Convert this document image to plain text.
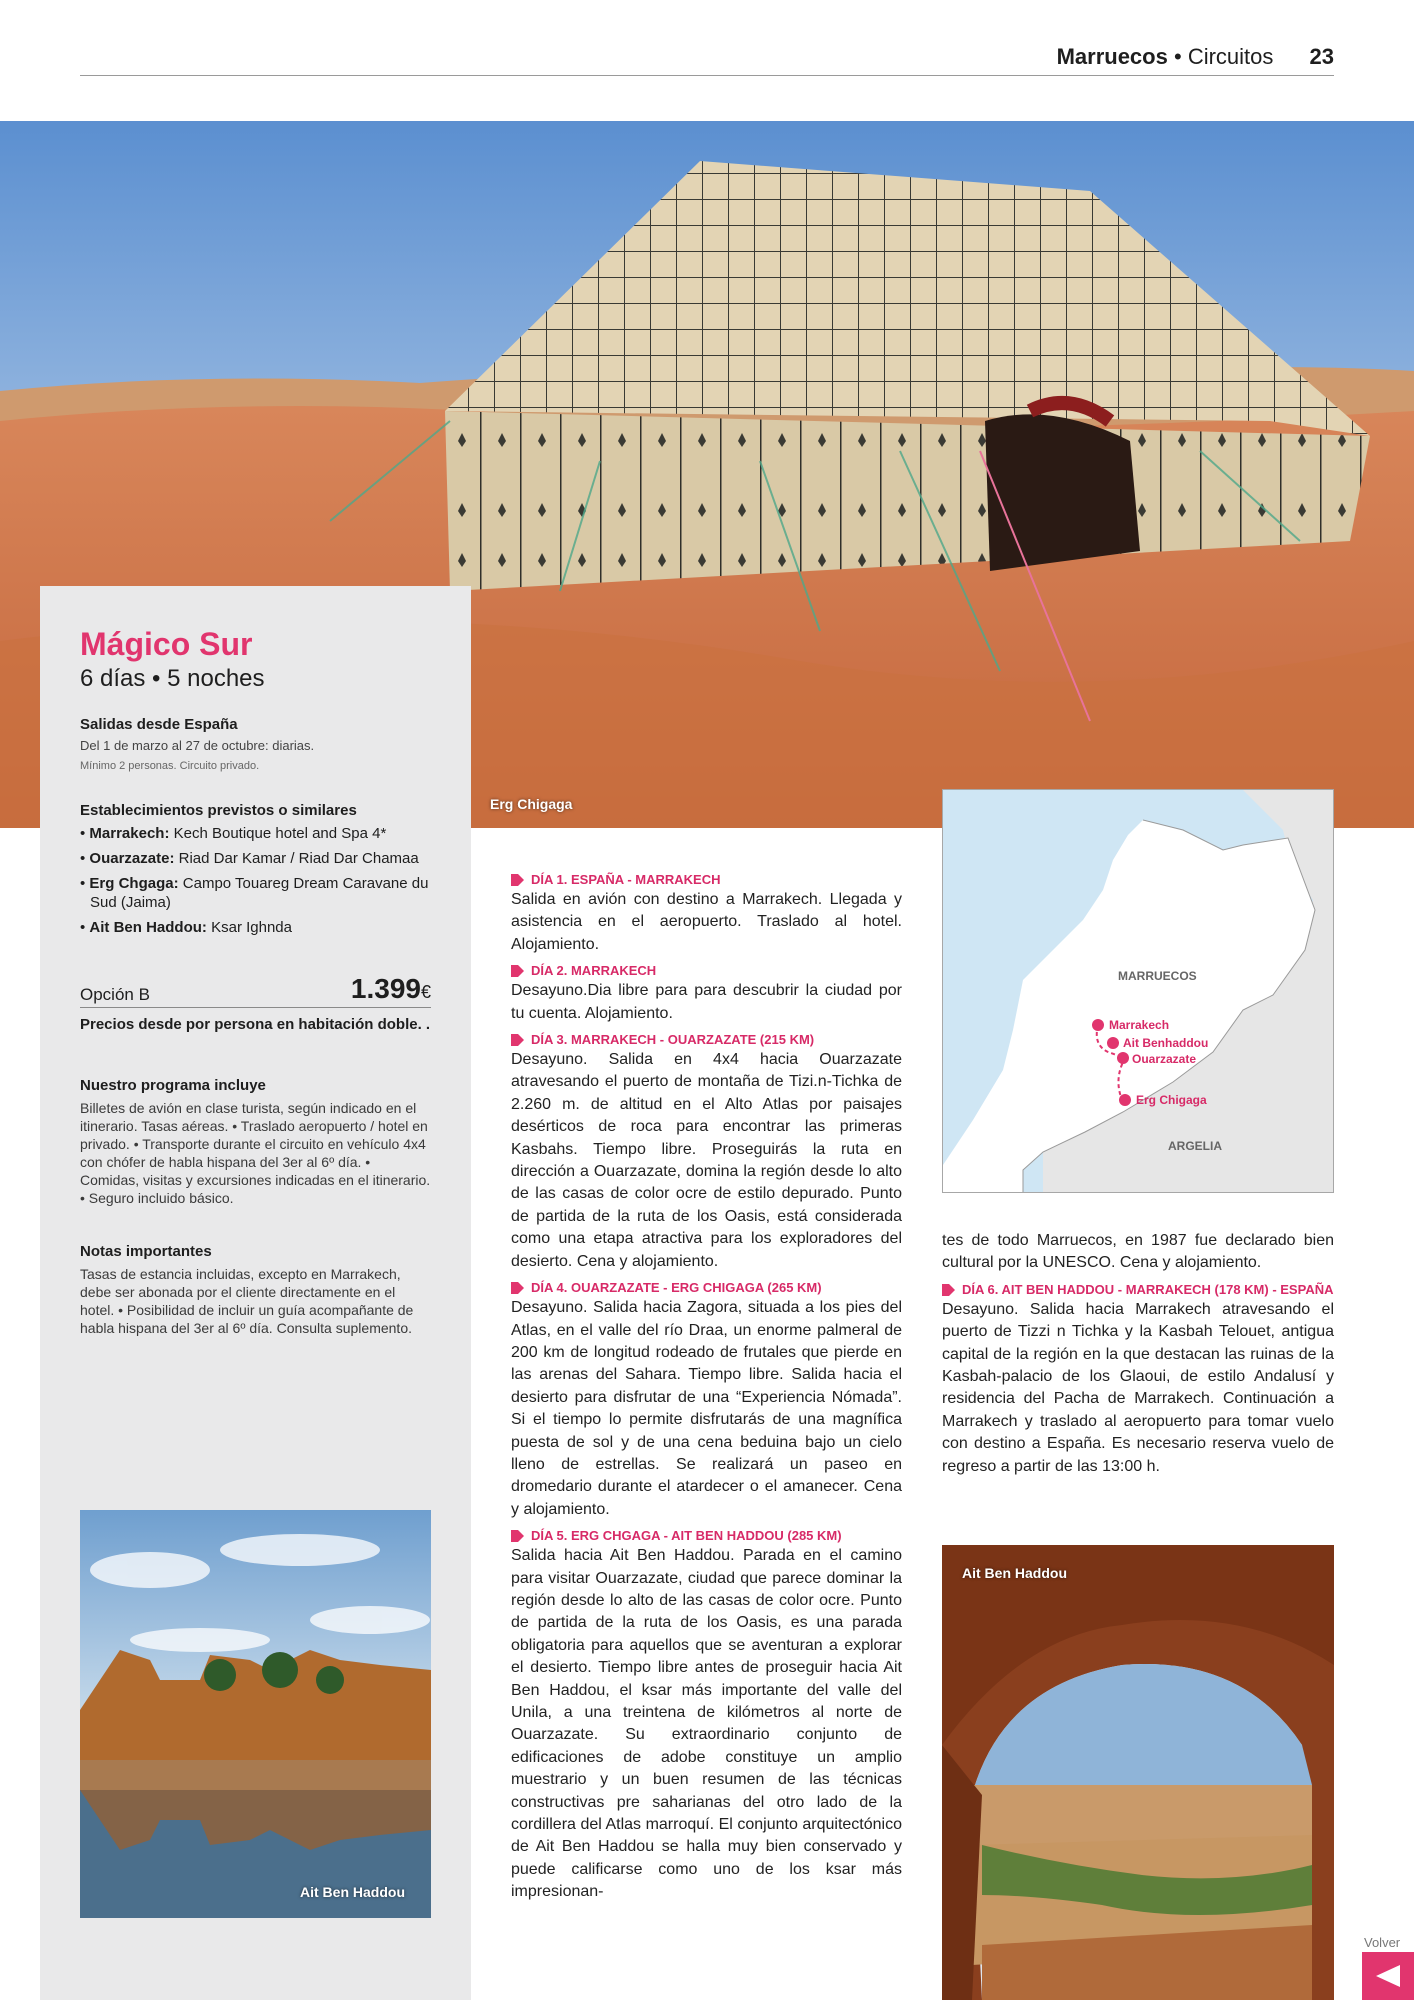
Marruecos • Circuitos 23
Erg Chigaga
Mágico Sur
6 días • 5 noches
Salidas desde España
Del 1 de marzo al 27 de octubre: diarias.
Mínimo 2 personas. Circuito privado.
Establecimientos previstos o similares
• Marrakech: Kech Boutique hotel and Spa 4*
• Ouarzazate: Riad Dar Kamar / Riad Dar Chamaa
• Erg Chgaga: Campo Touareg Dream Caravane du Sud (Jaima)
• Ait Ben Haddou: Ksar Ighnda
Opción B	1.399€
Precios desde por persona en habitación doble. .
Nuestro programa incluye
Billetes de avión en clase turista, según indicado en el itinerario. Tasas aéreas. • Traslado aeropuerto / hotel en privado. • Transporte durante el circuito en vehículo 4x4 con chófer de habla hispana del 3er al 6º día. • Comidas, visitas y excursiones indicadas en el itinerario. • Seguro incluido básico.
Notas importantes
Tasas de estancia incluidas, excepto en Marrakech, debe ser abonada por el cliente directamente en el hotel. • Posibilidad de incluir un guía acompañante de habla hispana del 3er al 6º día. Consulta suplemento.
Ait Ben Haddou
DÍA 1. ESPAÑA - MARRAKECH

Salida en avión con destino a Marrakech. Llegada y asistencia en el aeropuerto. Traslado al hotel. Alojamiento.

DÍA 2. MARRAKECH

Desayuno.Dia libre para para descubrir la ciudad por tu cuenta. Alojamiento.

DÍA 3. MARRAKECH - OUARZAZATE (215 KM)

Desayuno. Salida en 4x4 hacia Ouarzazate atravesando el puerto de montaña de Tizi.n-Tichka de 2.260 m. de altitud en el Alto Atlas por paisajes desérticos de roca para encontrar las primeras Kasbahs. Tiempo libre. Proseguirás la ruta en dirección a Ouarzazate, domina la región desde lo alto de las casas de color ocre de estilo depurado. Punto de partida de la ruta de los Oasis, está considerada como una etapa atractiva para los exploradores del desierto. Cena y alojamiento.

DÍA 4. OUARZAZATE - ERG CHIGAGA (265 KM)

Desayuno. Salida hacia Zagora, situada a los pies del Atlas, en el valle del río Draa, un enorme palmeral de 200 km de longitud rodeado de frutales que pierde en las arenas del Sahara. Tiempo libre. Salida hacia el desierto para disfrutar de una “Experiencia Nómada”. Si el tiempo lo permite disfrutarás de una magnífica puesta de sol y de una cena beduina bajo un cielo lleno de estrellas. Se realizará un paseo en dromedario durante el atardecer o el amanecer. Cena y alojamiento.

DÍA 5. ERG CHGAGA - AIT BEN HADDOU (285 KM)

Salida hacia Ait Ben Haddou. Parada en el camino para visitar Ouarzazate, ciudad que parece dominar la región desde lo alto de las casas de color ocre. Punto de partida de la ruta de los Oasis, es una parada obligatoria para aquellos que se aventuran a explorar el desierto. Tiempo libre antes de proseguir hacia Ait Ben Haddou, el ksar más importante del valle del Unila, a una treintena de kilómetros al norte de Ouarzazate. Su extraordinario conjunto de edificaciones de adobe constituye un amplio muestrario y un buen resumen de las técnicas constructivas pre saharianas del otro lado de la cordillera del Atlas marroquí. El conjunto arquitectónico de Ait Ben Haddou se halla muy bien conservado y puede calificarse como uno de los ksar más impresionan-

MARRUECOS
ARGELIA
Marrakech
Ait Benhaddou
Ouarzazate
Erg Chigaga

tes de todo Marruecos, en 1987 fue declarado bien cultural por la UNESCO. Cena y alojamiento.

DÍA 6. AIT BEN HADDOU - MARRAKECH (178 KM) - ESPAÑA

Desayuno. Salida hacia Marrakech atravesando el puerto de Tizzi n Tichka y la Kasbah Telouet, antigua capital de la región en la que destacan las ruinas de la Kasbah-palacio de los Glaoui, de estilo Andalusí y residencia del Pacha de Marrakech. Continuación a Marrakech y traslado al aeropuerto para tomar vuelo con destino a España. Es necesario reserva vuelo de regreso a partir de las 13:00 h.

Ait Ben Haddou
Volver
